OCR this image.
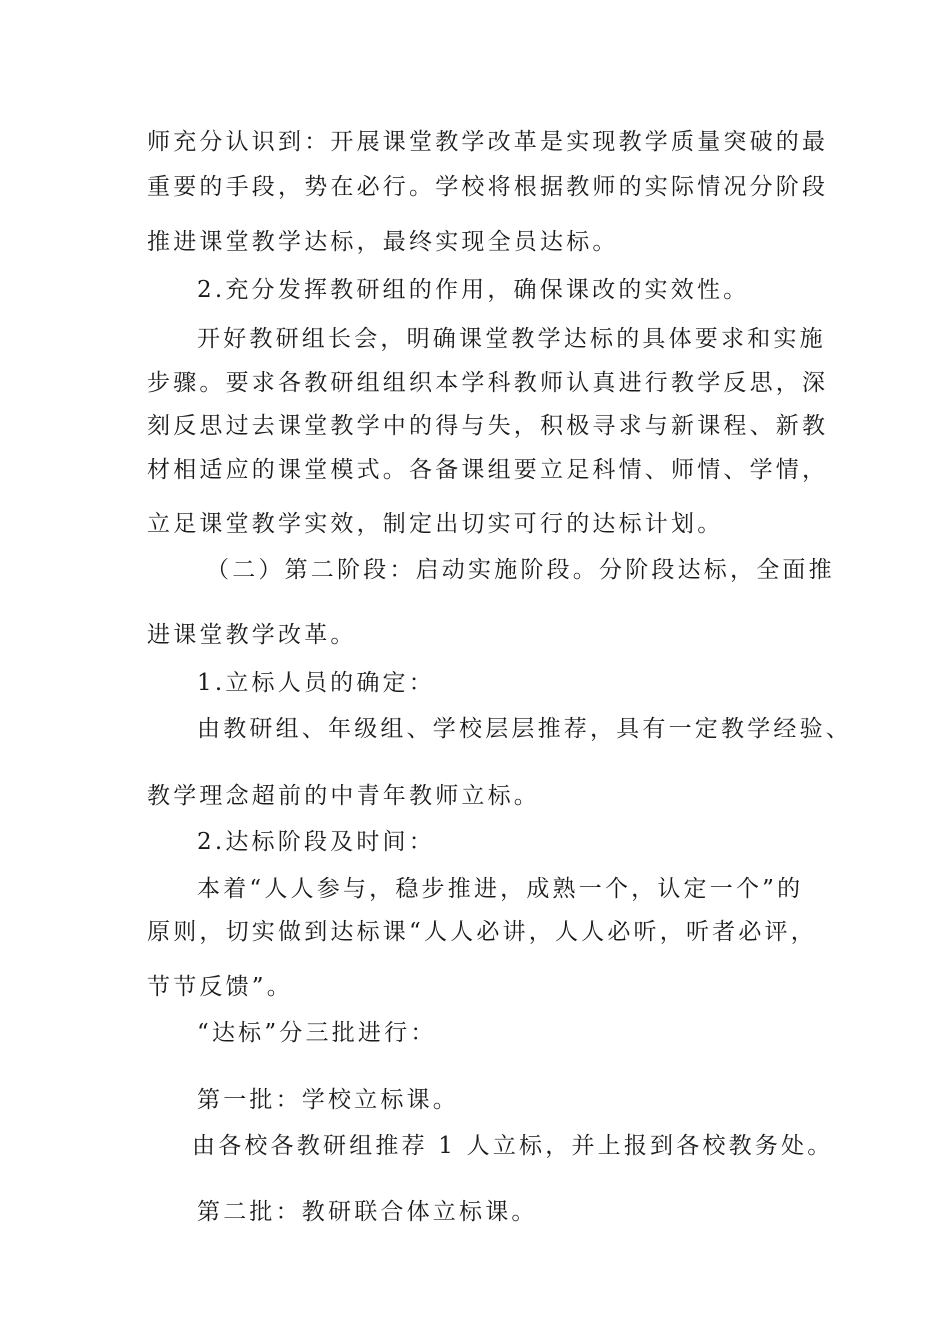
师充分认识到：开展课堂教学改革是实现教学质量突破的最
重要的手段，势在必行。学校将根据教师的实际情况分阶段
推进课堂教学达标，最终实现全员达标。
2.充分发挥教研组的作用，确保课改的实效性。
开好教研组长会，明确课堂教学达标的具体要求和实施
步骤。要求各教研组组织本学科教师认真进行教学反思，深
刻反思过去课堂教学中的得与失，积极寻求与新课程、新教
材相适应的课堂模式。各备课组要立足科情、师情、学情，
立足课堂教学实效，制定出切实可行的达标计划。
（二）第二阶段：启动实施阶段。分阶段达标，全面推
进课堂教学改革。
1.立标人员的确定：
由教研组、年级组、学校层层推荐，具有一定教学经验、
教学理念超前的中青年教师立标。
2.达标阶段及时间：
本着“人人参与，稳步推进，成熟一个，认定一个”的
原则，切实做到达标课“人人必讲，人人必听，听者必评，
节节反馈”。
“达标”分三批进行：
第一批：学校立标课。
由各校各教研组推荐 1 人立标，并上报到各校教务处。
第二批：教研联合体立标课。
